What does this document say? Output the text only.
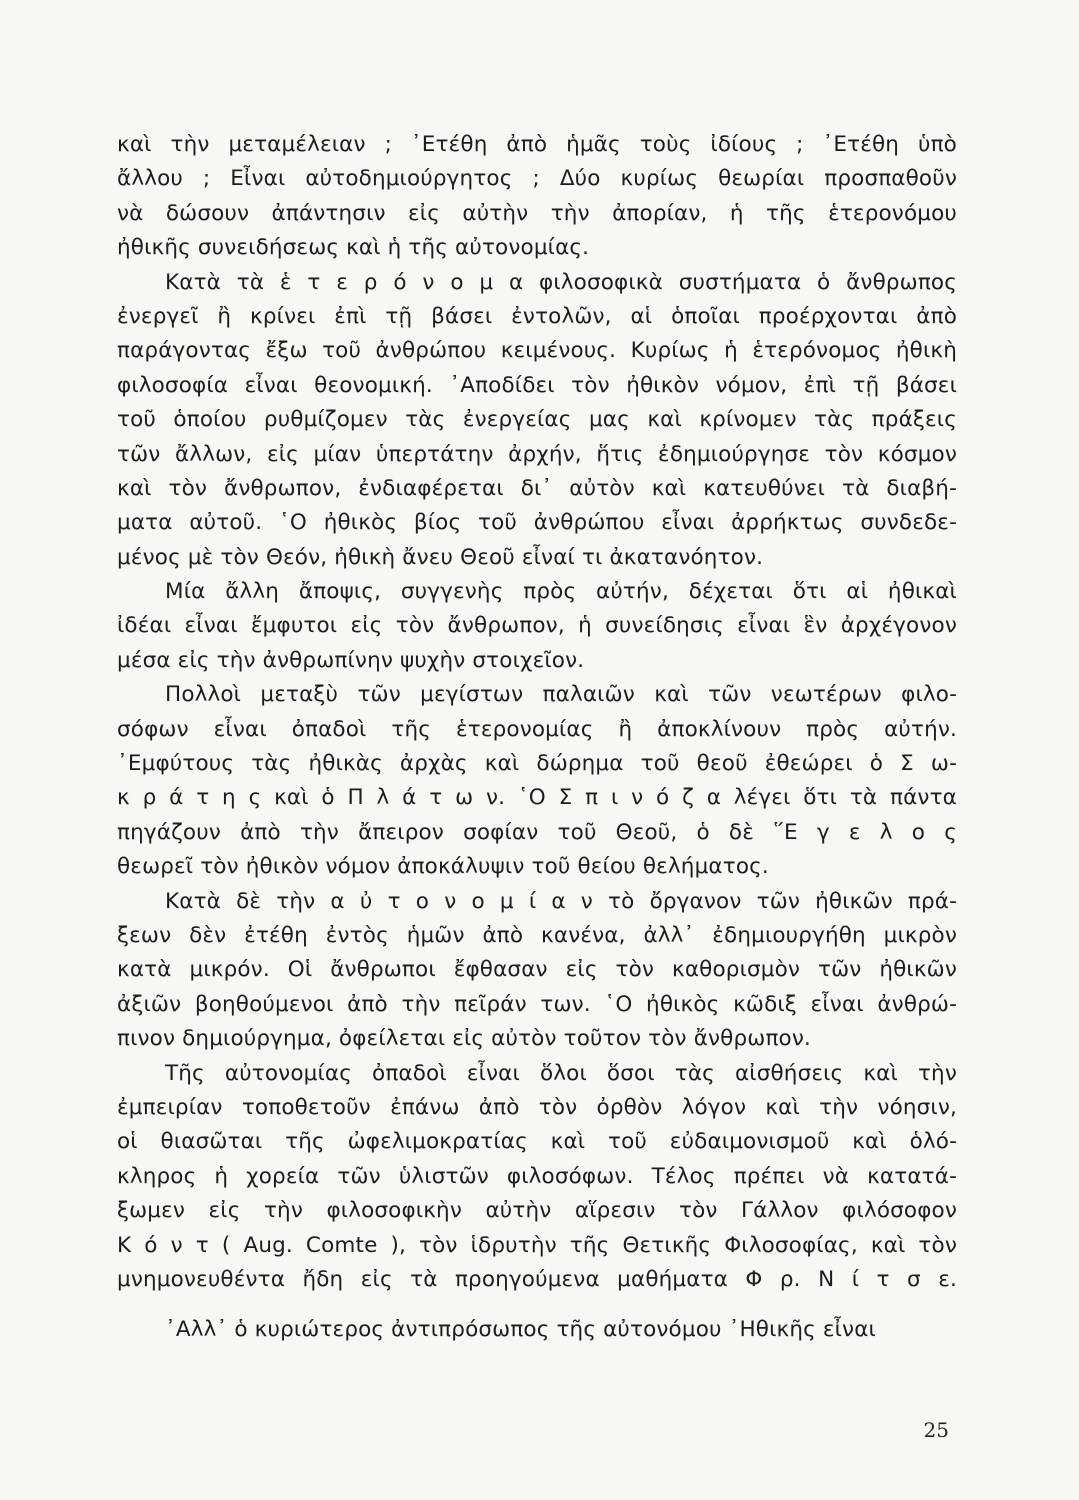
καὶ τὴν μεταμέλειαν ; ᾿Ετέθη ἀπὸ ἡμᾶς τοὺς ἰδίους ; ᾿Ετέθη ὑπὸ
ἄλλου ; Εἶναι αὐτοδημιούργητος ; Δύο κυρίως θεωρίαι προσπαθοῦν
νὰ δώσουν ἀπάντησιν εἰς αὐτὴν τὴν ἀπορίαν, ἡ τῆς ἑτερονόμου
ἠθικῆς συνειδήσεως καὶ ἡ τῆς αὐτονομίας.
Κατὰ τὰ ἑ τ ε ρ ό ν ο μ α φιλοσοφικὰ συστήματα ὁ ἄνθρωπος
ἐνεργεῖ ἢ κρίνει ἐπὶ τῇ βάσει ἐντολῶν, αἱ ὁποῖαι προέρχονται ἀπὸ
παράγοντας ἔξω τοῦ ἀνθρώπου κειμένους. Κυρίως ἡ ἑτερόνομος ἠθικὴ
φιλοσοφία εἶναι θεονομική. ᾿Αποδίδει τὸν ἠθικὸν νόμον, ἐπὶ τῇ βάσει
τοῦ ὁποίου ρυθμίζομεν τὰς ἐνεργείας μας καὶ κρίνομεν τὰς πράξεις
τῶν ἄλλων, εἰς μίαν ὑπερτάτην ἀρχήν, ἥτις ἐδημιούργησε τὸν κόσμον
καὶ τὸν ἄνθρωπον, ἐνδιαφέρεται δι᾿ αὐτὸν καὶ κατευθύνει τὰ διαβή-
ματα αὐτοῦ. ῾Ο ἠθικὸς βίος τοῦ ἀνθρώπου εἶναι ἀρρήκτως συνδεδε-
μένος μὲ τὸν Θεόν, ἠθικὴ ἄνευ Θεοῦ εἶναί τι ἀκατανόητον.
Μία ἄλλη ἄποψις, συγγενὴς πρὸς αὐτήν, δέχεται ὅτι αἱ ἠθικαὶ
ἰδέαι εἶναι ἔμφυτοι εἰς τὸν ἄνθρωπον, ἡ συνείδησις εἶναι ἓν ἀρχέγονον
μέσα εἰς τὴν ἀνθρωπίνην ψυχὴν στοιχεῖον.
Πολλοὶ μεταξὺ τῶν μεγίστων παλαιῶν καὶ τῶν νεωτέρων φιλο-
σόφων εἶναι ὀπαδοὶ τῆς ἑτερονομίας ἢ ἀποκλίνουν πρὸς αὐτήν.
᾿Εμφύτους τὰς ἠθικὰς ἀρχὰς καὶ δώρημα τοῦ θεοῦ ἐθεώρει ὁ Σ ω-
κ ρ ά τ η ς καὶ ὁ Π λ ά τ ω ν. ῾Ο Σ π ι ν ό ζ α λέγει ὅτι τὰ πάντα
πηγάζουν ἀπὸ τὴν ἄπειρον σοφίαν τοῦ Θεοῦ, ὁ δὲ ῞Ε γ ε λ ο ς
θεωρεῖ τὸν ἠθικὸν νόμον ἀποκάλυψιν τοῦ θείου θελήματος.
Κατὰ δὲ τὴν α ὐ τ ο ν ο μ ί α ν τὸ ὄργανον τῶν ἠθικῶν πρά-
ξεων δὲν ἐτέθη ἐντὸς ἡμῶν ἀπὸ κανένα, ἀλλ᾿ ἐδημιουργήθη μικρὸν
κατὰ μικρόν. Οἱ ἄνθρωποι ἔφθασαν εἰς τὸν καθορισμὸν τῶν ἠθικῶν
ἀξιῶν βοηθούμενοι ἀπὸ τὴν πεῖράν των. ῾Ο ἠθικὸς κῶδιξ εἶναι ἀνθρώ-
πινον δημιούργημα, ὀφείλεται εἰς αὐτὸν τοῦτον τὸν ἄνθρωπον.
Τῆς αὐτονομίας ὀπαδοὶ εἶναι ὅλοι ὅσοι τὰς αἰσθήσεις καὶ τὴν
ἐμπειρίαν τοποθετοῦν ἐπάνω ἀπὸ τὸν ὀρθὸν λόγον καὶ τὴν νόησιν,
οἱ θιασῶται τῆς ὠφελιμοκρατίας καὶ τοῦ εὐδαιμονισμοῦ καὶ ὁλό-
κληρος ἡ χορεία τῶν ὑλιστῶν φιλοσόφων. Τέλος πρέπει νὰ κατατά-
ξωμεν εἰς τὴν φιλοσοφικὴν αὐτὴν αἵρεσιν τὸν Γάλλον φιλόσοφον
Κ ό ν τ ( Aug. Comte ), τὸν ἱδρυτὴν τῆς Θετικῆς Φιλοσοφίας, καὶ τὸν
μνημονευθέντα ἤδη εἰς τὰ προηγούμενα μαθήματα Φ ρ. Ν ί τ σ ε.
᾿Αλλ᾿ ὁ κυριώτερος ἀντιπρόσωπος τῆς αὐτονόμου ᾿Ηθικῆς εἶναι
25
